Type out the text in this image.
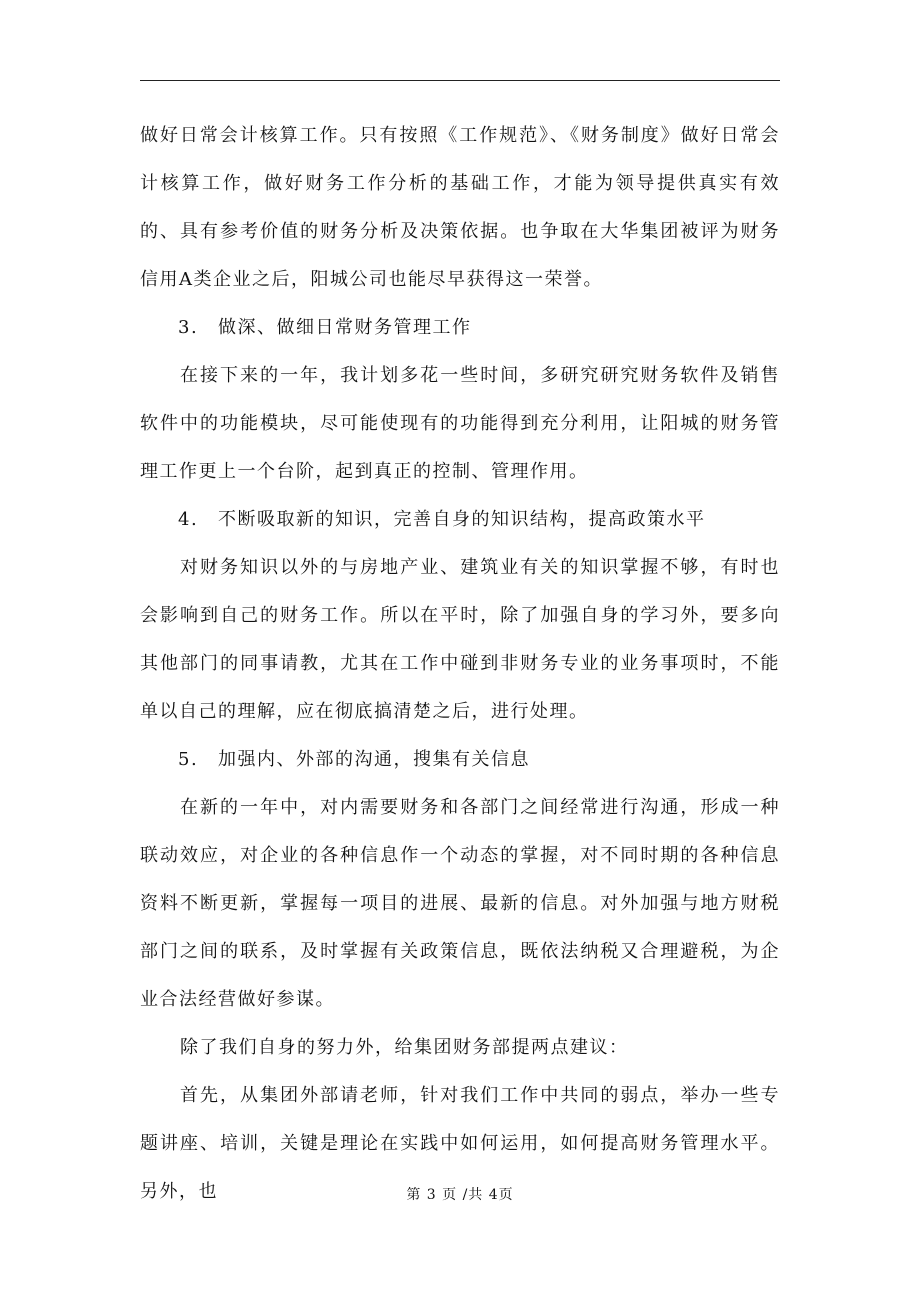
做好日常会计核算工作。只有按照《工作规范》、《财务制度》做好日常会计核算工作，做好财务工作分析的基础工作，才能为领导提供真实有效的、具有参考价值的财务分析及决策依据。也争取在大华集团被评为财务信用A类企业之后，阳城公司也能尽早获得这一荣誉。

3. 做深、做细日常财务管理工作

在接下来的一年，我计划多花一些时间，多研究研究财务软件及销售软件中的功能模块，尽可能使现有的功能得到充分利用，让阳城的财务管理工作更上一个台阶，起到真正的控制、管理作用。

4. 不断吸取新的知识，完善自身的知识结构，提高政策水平

对财务知识以外的与房地产业、建筑业有关的知识掌握不够，有时也会影响到自己的财务工作。所以在平时，除了加强自身的学习外，要多向其他部门的同事请教，尤其在工作中碰到非财务专业的业务事项时，不能单以自己的理解，应在彻底搞清楚之后，进行处理。

5. 加强内、外部的沟通，搜集有关信息

在新的一年中，对内需要财务和各部门之间经常进行沟通，形成一种联动效应，对企业的各种信息作一个动态的掌握，对不同时期的各种信息资料不断更新，掌握每一项目的进展、最新的信息。对外加强与地方财税部门之间的联系，及时掌握有关政策信息，既依法纳税又合理避税，为企业合法经营做好参谋。

除了我们自身的努力外，给集团财务部提两点建议：

首先，从集团外部请老师，针对我们工作中共同的弱点，举办一些专题讲座、培训，关键是理论在实践中如何运用，如何提高财务管理水平。另外，也	第 3 页 /共 4页
